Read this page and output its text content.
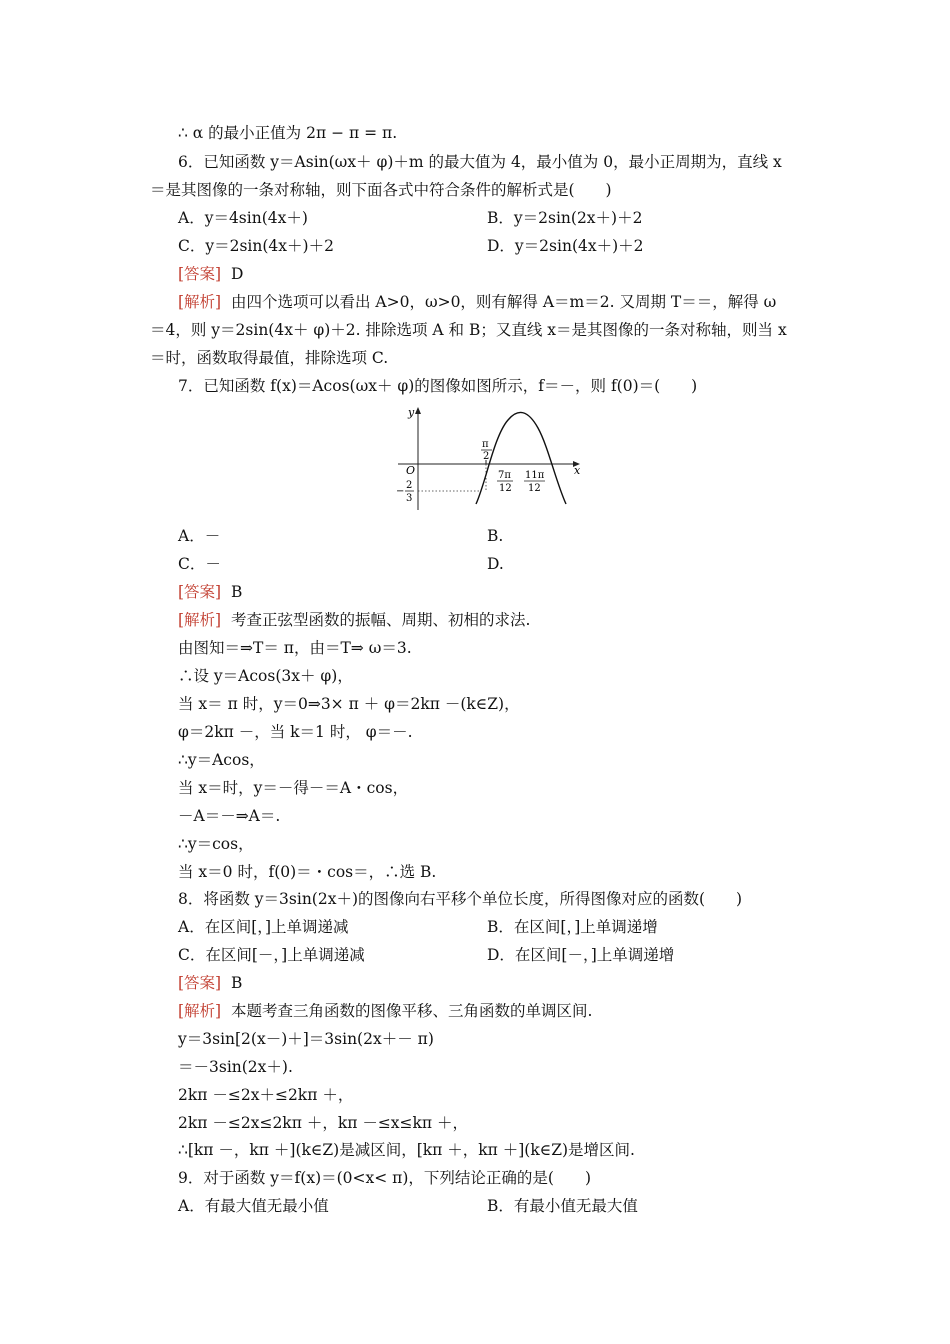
∴ α 的最小正值为 2π − π = π.
6．已知函数 y＝Asin(ωx＋ φ)＋m 的最大值为 4，最小值为 0，最小正周期为，直线 x
＝是其图像的一条对称轴，则下面各式中符合条件的解析式是(　　)
A．y＝4sin(4x＋)	B．y＝2sin(2x＋)＋2
C．y＝2sin(4x＋)＋2	D．y＝2sin(4x＋)＋2
[答案] D
[解析] 由四个选项可以看出 A>0，ω>0，则有解得 A＝m＝2. 又周期 T＝＝，解得 ω
＝4，则 y＝2sin(4x＋ φ)＋2. 排除选项 A 和 B；又直线 x＝是其图像的一条对称轴，则当 x
＝时，函数取得最值，排除选项 C.
7．已知函数 f(x)＝Acos(ωx＋ φ)的图像如图所示，f＝－，则 f(0)＝(　　)
y
x
O
π
2
7π
12
11π
12
−
2
3
A．－	B.
C．－	D.
[答案] B
[解析] 考查正弦型函数的振幅、周期、初相的求法.
由图知＝⇒T＝ π，由＝T⇒ ω＝3.
∴设 y＝Acos(3x＋ φ)，
当 x＝ π 时，y＝0⇒3× π ＋ φ＝2kπ －(k∈Z)，
φ＝2kπ －，当 k＝1 时， φ＝－.
∴y＝Acos，
当 x＝时，y＝－得－＝A・cos，
－A＝－⇒A＝.
∴y＝cos，
当 x＝0 时，f(0)＝・cos＝，∴选 B.
8．将函数 y＝3sin(2x＋)的图像向右平移个单位长度，所得图像对应的函数(　　)
A．在区间[，]上单调递减	B．在区间[，]上单调递增
C．在区间[－，]上单调递减	D．在区间[－，]上单调递增
[答案] B
[解析] 本题考查三角函数的图像平移、三角函数的单调区间.
y＝3sin[2(x－)＋]＝3sin(2x＋－ π)
＝－3sin(2x＋).
2kπ －≤2x＋≤2kπ ＋，
2kπ －≤2x≤2kπ ＋，kπ －≤x≤kπ ＋，
∴[kπ －，kπ ＋](k∈Z)是减区间，[kπ ＋，kπ ＋](k∈Z)是增区间.
9．对于函数 y＝f(x)＝(0<x< π)，下列结论正确的是(　　)
A．有最大值无最小值	B．有最小值无最大值
